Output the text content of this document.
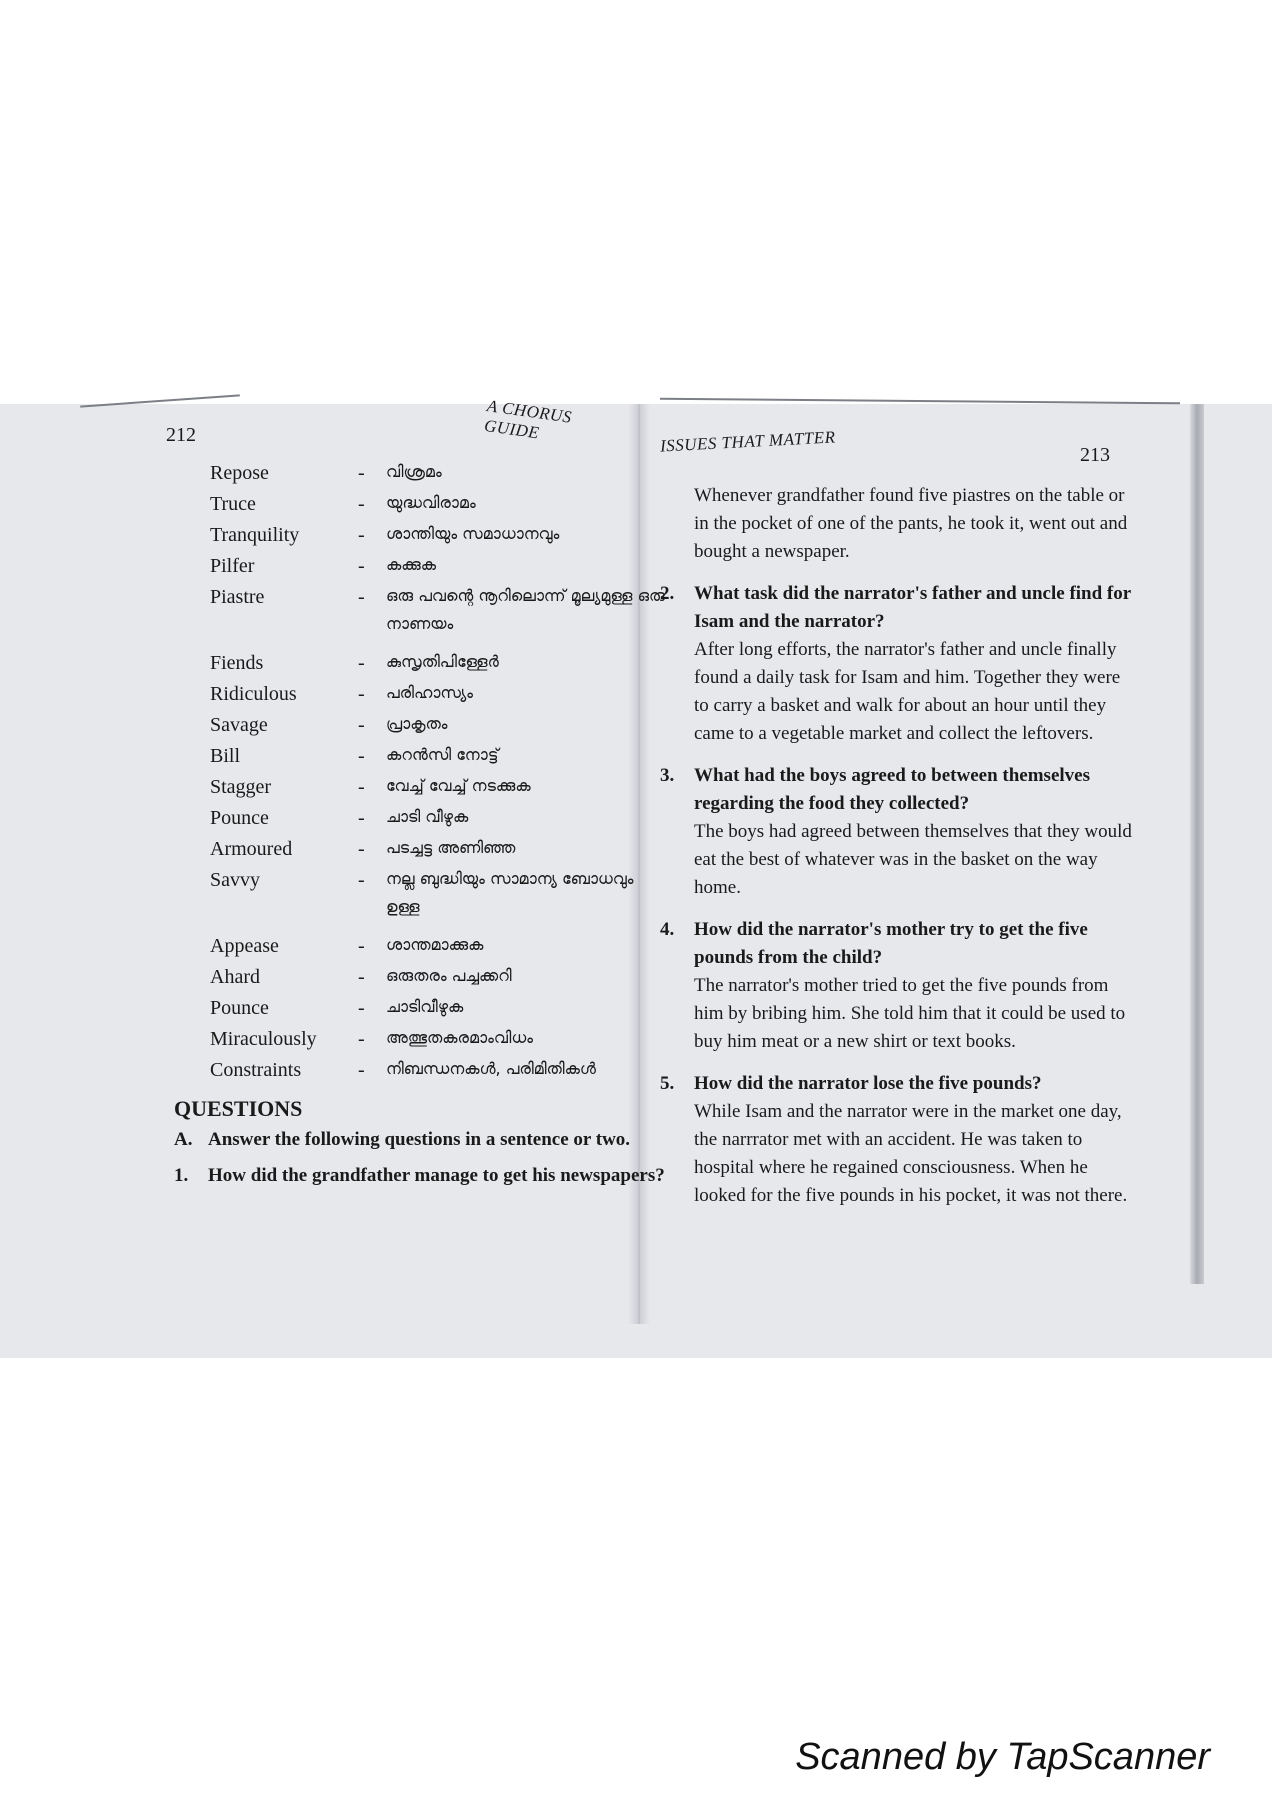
212
A CHORUS GUIDE
Repose	-	വിശ്രമം
Truce	-	യുദ്ധവിരാമം
Tranquility	-	ശാന്തിയും സമാധാനവും
Pilfer	-	കക്കുക
Piastre	-	ഒരു പവന്റെ നൂറിലൊന്ന് മൂല്യമുള്ള ഒരു നാണയം
Fiends	-	കുസൃതിപിള്ളേർ
Ridiculous	-	പരിഹാസ്യം
Savage	-	പ്രാകൃതം
Bill	-	കറൻസി നോട്ട്
Stagger	-	വേച്ച് വേച്ച് നടക്കുക
Pounce	-	ചാടി വീഴുക
Armoured	-	പടച്ചട്ട അണിഞ്ഞ
Savvy	-	നല്ല ബുദ്ധിയും സാമാന്യ ബോധവും ഉള്ള
Appease	-	ശാന്തമാക്കുക
Ahard	-	ഒരുതരം പച്ചക്കറി
Pounce	-	ചാടിവീഴുക
Miraculously	-	അത്ഭുതകരമാംവിധം
Constraints	-	നിബന്ധനകൾ, പരിമിതികൾ
QUESTIONS
A. Answer the following questions in a sentence or two.
1.	How did the grandfather manage to get his newspapers?
ISSUES THAT MATTER	213

Whenever grandfather found five piastres on the table or in the pocket of one of the pants, he took it, went out and bought a newspaper.

2.	What task did the narrator's father and uncle find for Isam and the narrator?

After long efforts, the narrator's father and uncle finally found a daily task for Isam and him. Together they were to carry a basket and walk for about an hour until they came to a vegetable market and collect the leftovers.

3.	What had the boys agreed to between themselves regarding the food they collected?

The boys had agreed between themselves that they would eat the best of whatever was in the basket on the way home.

4.	How did the narrator's mother try to get the five pounds from the child?

The narrator's mother tried to get the five pounds from him by bribing him. She told him that it could be used to buy him meat or a new shirt or text books.

5.	How did the narrator lose the five pounds?

While Isam and the narrator were in the market one day, the narrrator met with an accident. He was taken to hospital where he regained consciousness. When he looked for the five pounds in his pocket, it was not there.

Scanned by TapScanner
